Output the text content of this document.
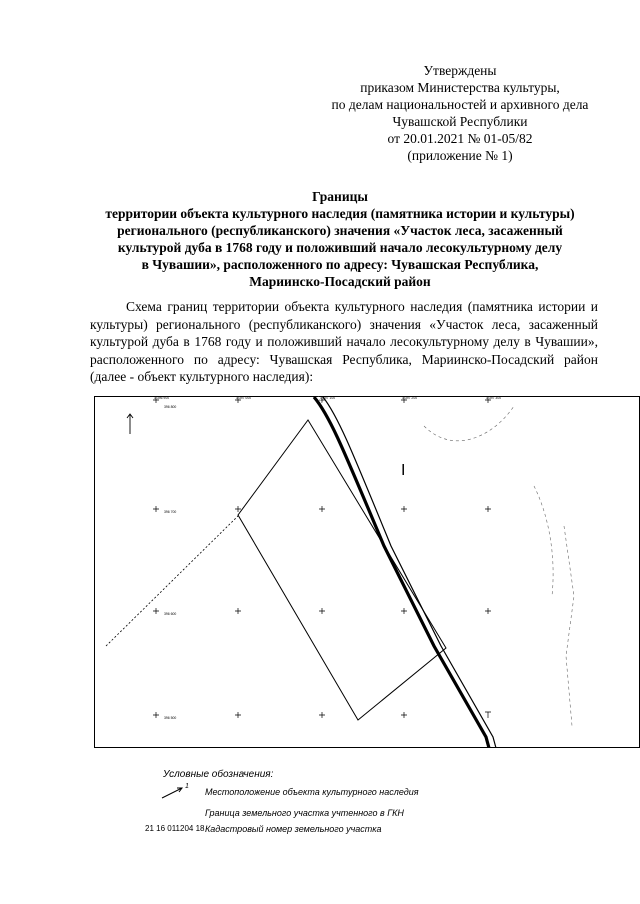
Утверждены
приказом Министерства культуры,
по делам национальностей и архивного дела
Чувашской Республики
от 20.01.2021 № 01-05/82
(приложение № 1)
Границы
территории объекта культурного наследия (памятника истории и культуры)
регионального (республиканского) значения «Участок леса, засаженный
культурой дуба в 1768 году и положивший начало лесокультурному делу
в Чувашии», расположенного по адресу: Чувашская Республика,
Мариинско-Посадский район
Схема границ территории объекта культурного наследия (памятника истории и культуры) регионального (республиканского) значения «Участок леса, засаженный культурой дуба в 1768 году и положивший начало лесокультурному делу в Чувашии», расположенного по адресу: Чувашская Республика, Мариинско-Посадский район (далее - объект культурного наследия):
1 396 900	1 397 000	1 397 100	1 397 200	1 397 300
396 800
396 700
396 600
396 500
I
Условные обозначения:
1
Местоположение объекта культурного наследия
Граница земельного участка учтенного в ГКН
21 16 011204 18 Кадастровый номер земельного участка
